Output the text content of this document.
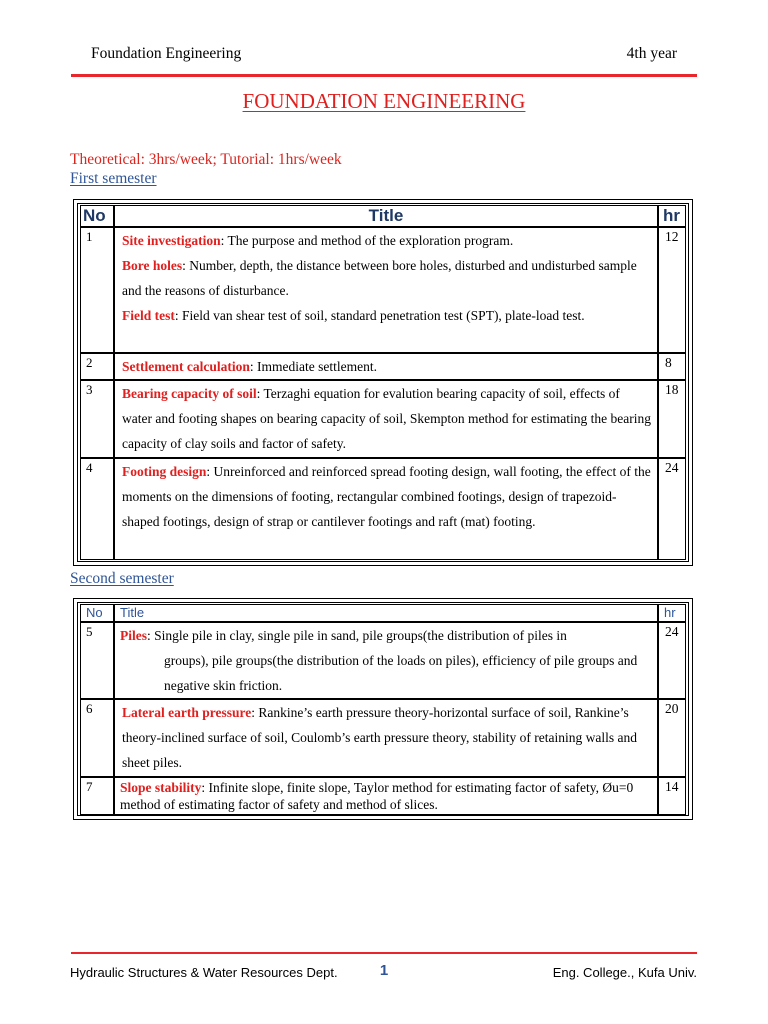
Foundation Engineering	4th year
FOUNDATION ENGINEERING
Theoretical: 3hrs/week; Tutorial: 1hrs/week
First semester
No	Title	hr
1	Site investigation: The purpose and method of the exploration program.

Bore holes: Number, depth, the distance between bore holes, disturbed and undisturbed sample and the reasons of disturbance.

Field test: Field van shear test of soil, standard penetration test (SPT), plate-load test.	12
2	Settlement calculation: Immediate settlement.	8
3	Bearing capacity of soil: Terzaghi equation for evalution bearing capacity of soil, effects of water and footing shapes on bearing capacity of soil, Skempton method for estimating the bearing capacity of clay soils and factor of safety.	18
4	Footing design: Unreinforced and reinforced spread footing design, wall footing, the effect of the moments on the dimensions of footing, rectangular combined footings, design of trapezoid-shaped footings, design of strap or cantilever footings and raft (mat) footing.	24
Second semester
No	Title	hr
5	Piles: Single pile in clay, single pile in sand, pile groups(the distribution of piles in

groups), pile groups(the distribution of the loads on piles), efficiency of pile groups and negative skin friction.	24
6	Lateral earth pressure: Rankine’s earth pressure theory-horizontal surface of soil, Rankine’s theory-inclined surface of soil, Coulomb’s earth pressure theory, stability of retaining walls and sheet piles.	20
7	Slope stability: Infinite slope, finite slope, Taylor method for estimating factor of safety, Øu=0 method of estimating factor of safety and method of slices.	14
Hydraulic Structures & Water Resources Dept.	1	Eng. College., Kufa Univ.
